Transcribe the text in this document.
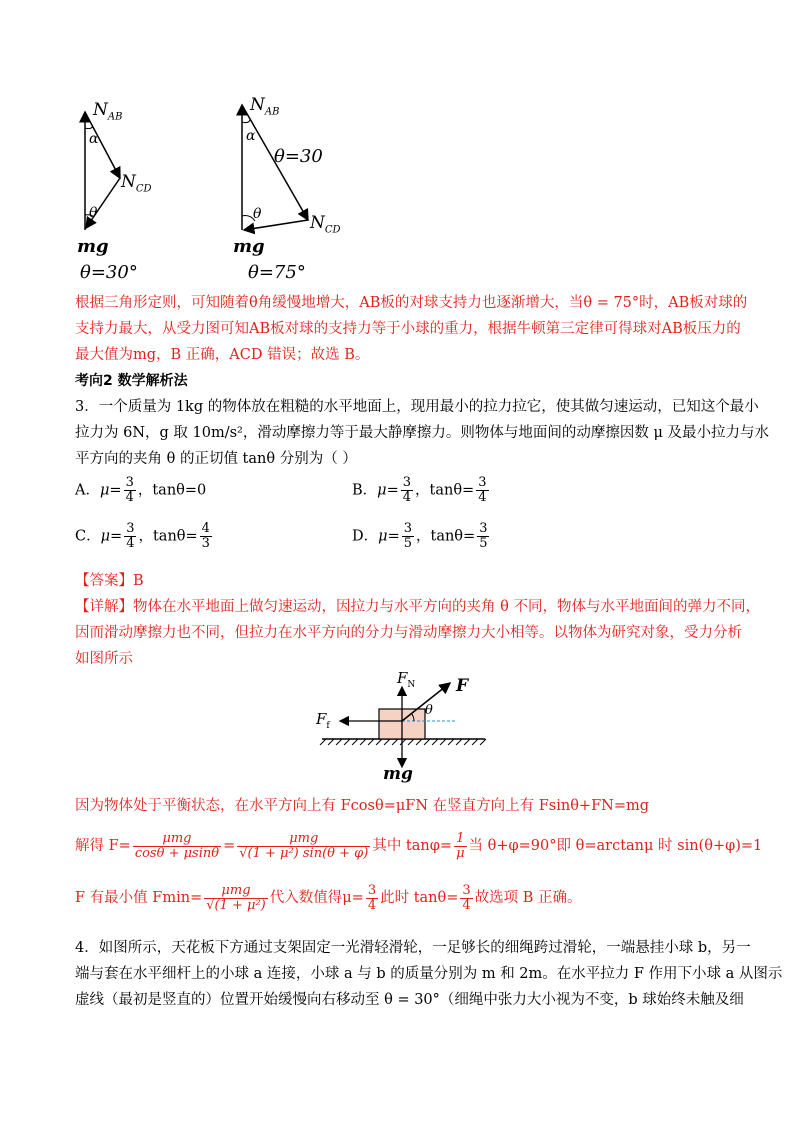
$N_{AB}$
α
$N_{CD}$
θ
mg
θ=30°
$N_{AB}$
α
θ=30
θ	$N_{CD}$
mg
θ=75°
根据三角形定则，可知随着θ角缓慢地增大，AB板的对球支持力也逐渐增大，当θ = 75°时，AB板对球的
支持力最大，从受力图可知AB板对球的支持力等于小球的重力，根据牛顿第三定律可得球对AB板压力的
最大值为mg，B 正确，ACD 错误；故选 B。
考向2 数学解析法
3．一个质量为 1kg 的物体放在粗糙的水平地面上，现用最小的拉力拉它，使其做匀速运动，已知这个最小
拉力为 6N，g 取 10m/s²，滑动摩擦力等于最大静摩擦力。则物体与地面间的动摩擦因数 μ 及最小拉力与水
平方向的夹角 θ 的正切值 tanθ 分别为（ ）
A．$\mu= \frac{3}{4}$ ，tanθ=0	B．$\mu= \frac{3}{4}$ ，$\tan\theta= \frac{3}{4}$
C．$\mu= \frac{3}{4}$ ，$\tan\theta= \frac{4}{3}$	D．$\mu= \frac{3}{5}$ ，$\tan\theta= \frac{3}{5}$
【答案】B
【详解】物体在水平地面上做匀速运动，因拉力与水平方向的夹角 θ 不同，物体与水平地面间的弹力不同，
因而滑动摩擦力也不同，但拉力在水平方向的分力与滑动摩擦力大小相等。以物体为研究对象，受力分析
如图所示
$F_N$ F
$F_f$
θ
mg
因为物体处于平衡状态，在水平方向上有 Fcosθ=μFN 在竖直方向上有 Fsinθ+FN=mg
解得 $F= \frac{\text{μmg}}{\cos\theta + \mu\sin\theta} = \frac{\text{μmg}}{\text{√(1 + μ²) sin(θ + φ)}}$ 其中 $\tan\varphi= \frac{1}{\mu}$ 当 θ+φ=90°即 θ=arctanμ 时 sin(θ+φ)=1
F 有最小值 $Fmin= \frac{\text{μmg}}{\text{√(1 + μ²)}}$ 代入数值得$\mu= \frac{3}{4}$ 此时 $\tan\theta= \frac{3}{4}$ 故选项 B 正确。
4．如图所示，天花板下方通过支架固定一光滑轻滑轮，一足够长的细绳跨过滑轮，一端悬挂小球 b，另一
端与套在水平细杆上的小球 a 连接，小球 a 与 b 的质量分别为 m 和 2m。在水平拉力 F 作用下小球 a 从图示
虚线（最初是竖直的）位置开始缓慢向右移动至 θ = 30°（细绳中张力大小视为不变，b 球始终未触及细
